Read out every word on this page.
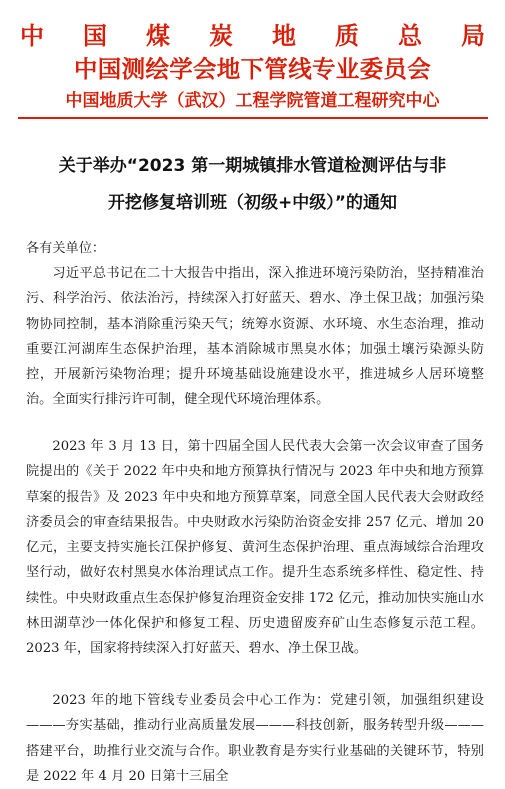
中 国 煤 炭 地 质 总 局
中国测绘学会地下管线专业委员会
中国地质大学（武汉）工程学院管道工程研究中心
关于举办“2023 第一期城镇排水管道检测评估与非
开挖修复培训班（初级+中级）”的通知
各有关单位：
习近平总书记在二十大报告中指出，深入推进环境污染防治，坚持精准治污、科学治污、依法治污，持续深入打好蓝天、碧水、净土保卫战；加强污染物协同控制，基本消除重污染天气；统筹水资源、水环境、水生态治理，推动重要江河湖库生态保护治理，基本消除城市黑臭水体；加强土壤污染源头防控，开展新污染物治理；提升环境基础设施建设水平，推进城乡人居环境整治。全面实行排污许可制，健全现代环境治理体系。
2023 年 3 月 13 日，第十四届全国人民代表大会第一次会议审查了国务院提出的《关于 2022 年中央和地方预算执行情况与 2023 年中央和地方预算草案的报告》及 2023 年中央和地方预算草案，同意全国人民代表大会财政经济委员会的审查结果报告。中央财政水污染防治资金安排 257 亿元、增加 20 亿元，主要支持实施长江保护修复、黄河生态保护治理、重点海域综合治理攻坚行动，做好农村黑臭水体治理试点工作。提升生态系统多样性、稳定性、持续性。中央财政重点生态保护修复治理资金安排 172 亿元，推动加快实施山水林田湖草沙一体化保护和修复工程、历史遗留废弃矿山生态修复示范工程。2023 年，国家将持续深入打好蓝天、碧水、净土保卫战。
2023 年的地下管线专业委员会中心工作为：党建引领，加强组织建设———夯实基础，推动行业高质量发展———科技创新，服务转型升级———搭建平台，助推行业交流与合作。职业教育是夯实行业基础的关键环节，特别是 2022 年 4 月 20 日第十三届全
